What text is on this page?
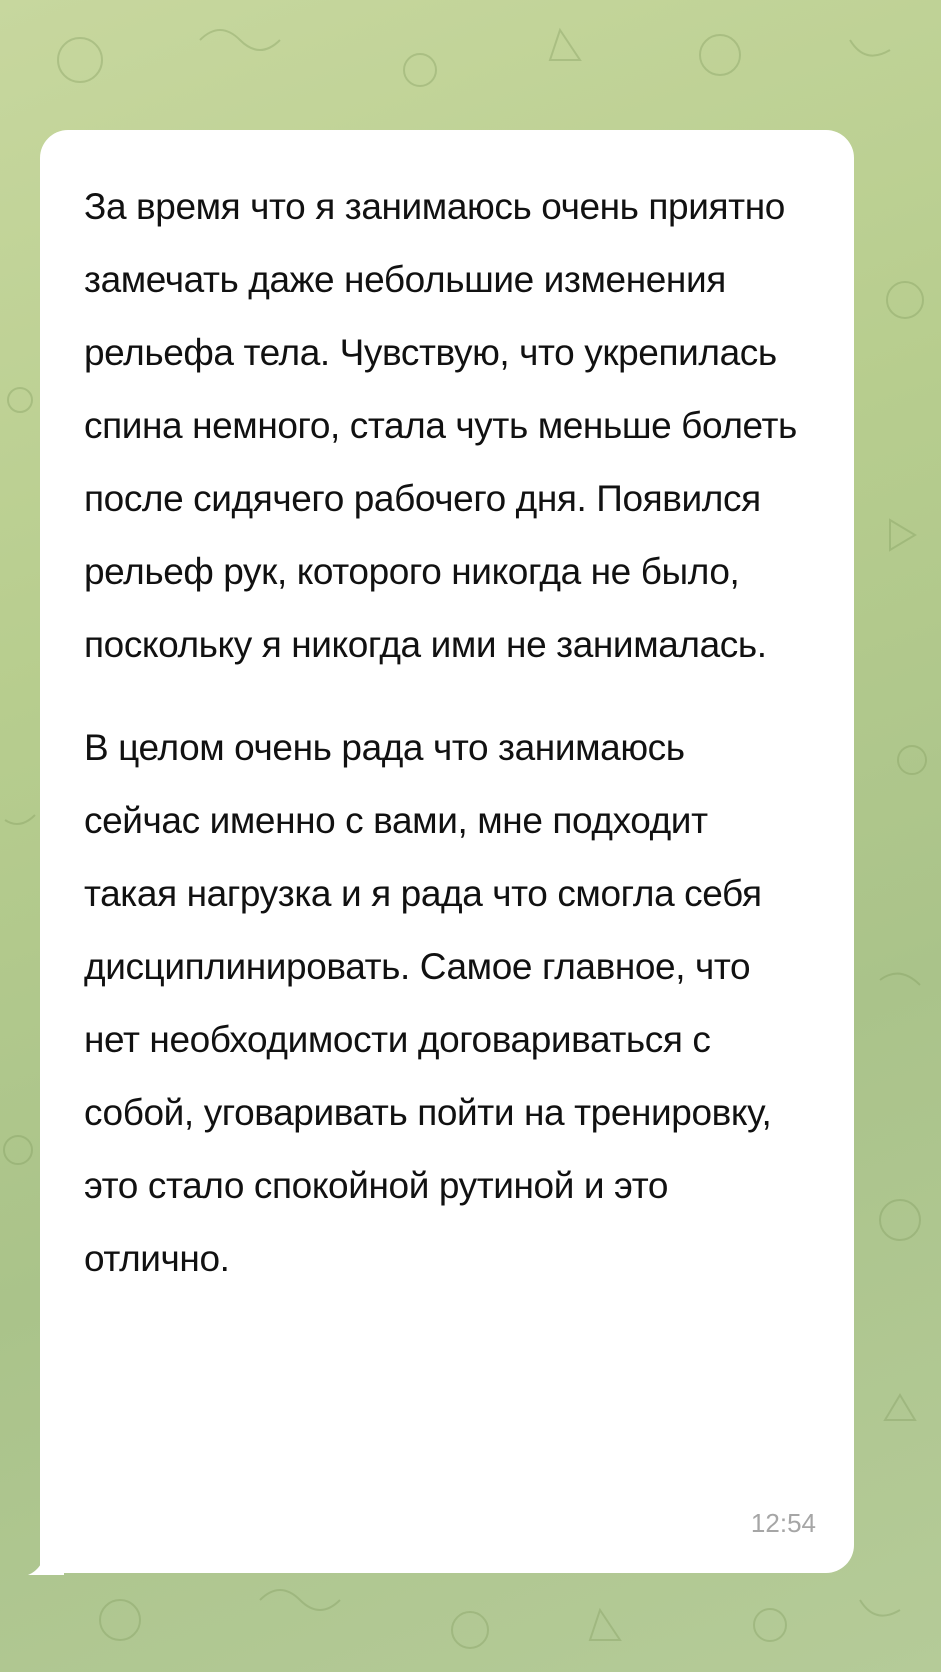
За время что я занимаюсь очень приятно замечать даже небольшие изменения рельефа тела. Чувствую, что укрепилась спина немного, стала чуть меньше болеть после сидячего рабочего дня. Появился рельеф рук, которого никогда не было, поскольку я никогда ими не занималась.

В целом очень рада что занимаюсь сейчас именно с вами, мне подходит такая нагрузка и я рада что смогла себя дисциплинировать. Самое главное, что нет необходимости договариваться с собой, уговаривать пойти на тренировку, это стало спокойной рутиной и это отлично.

12:54
